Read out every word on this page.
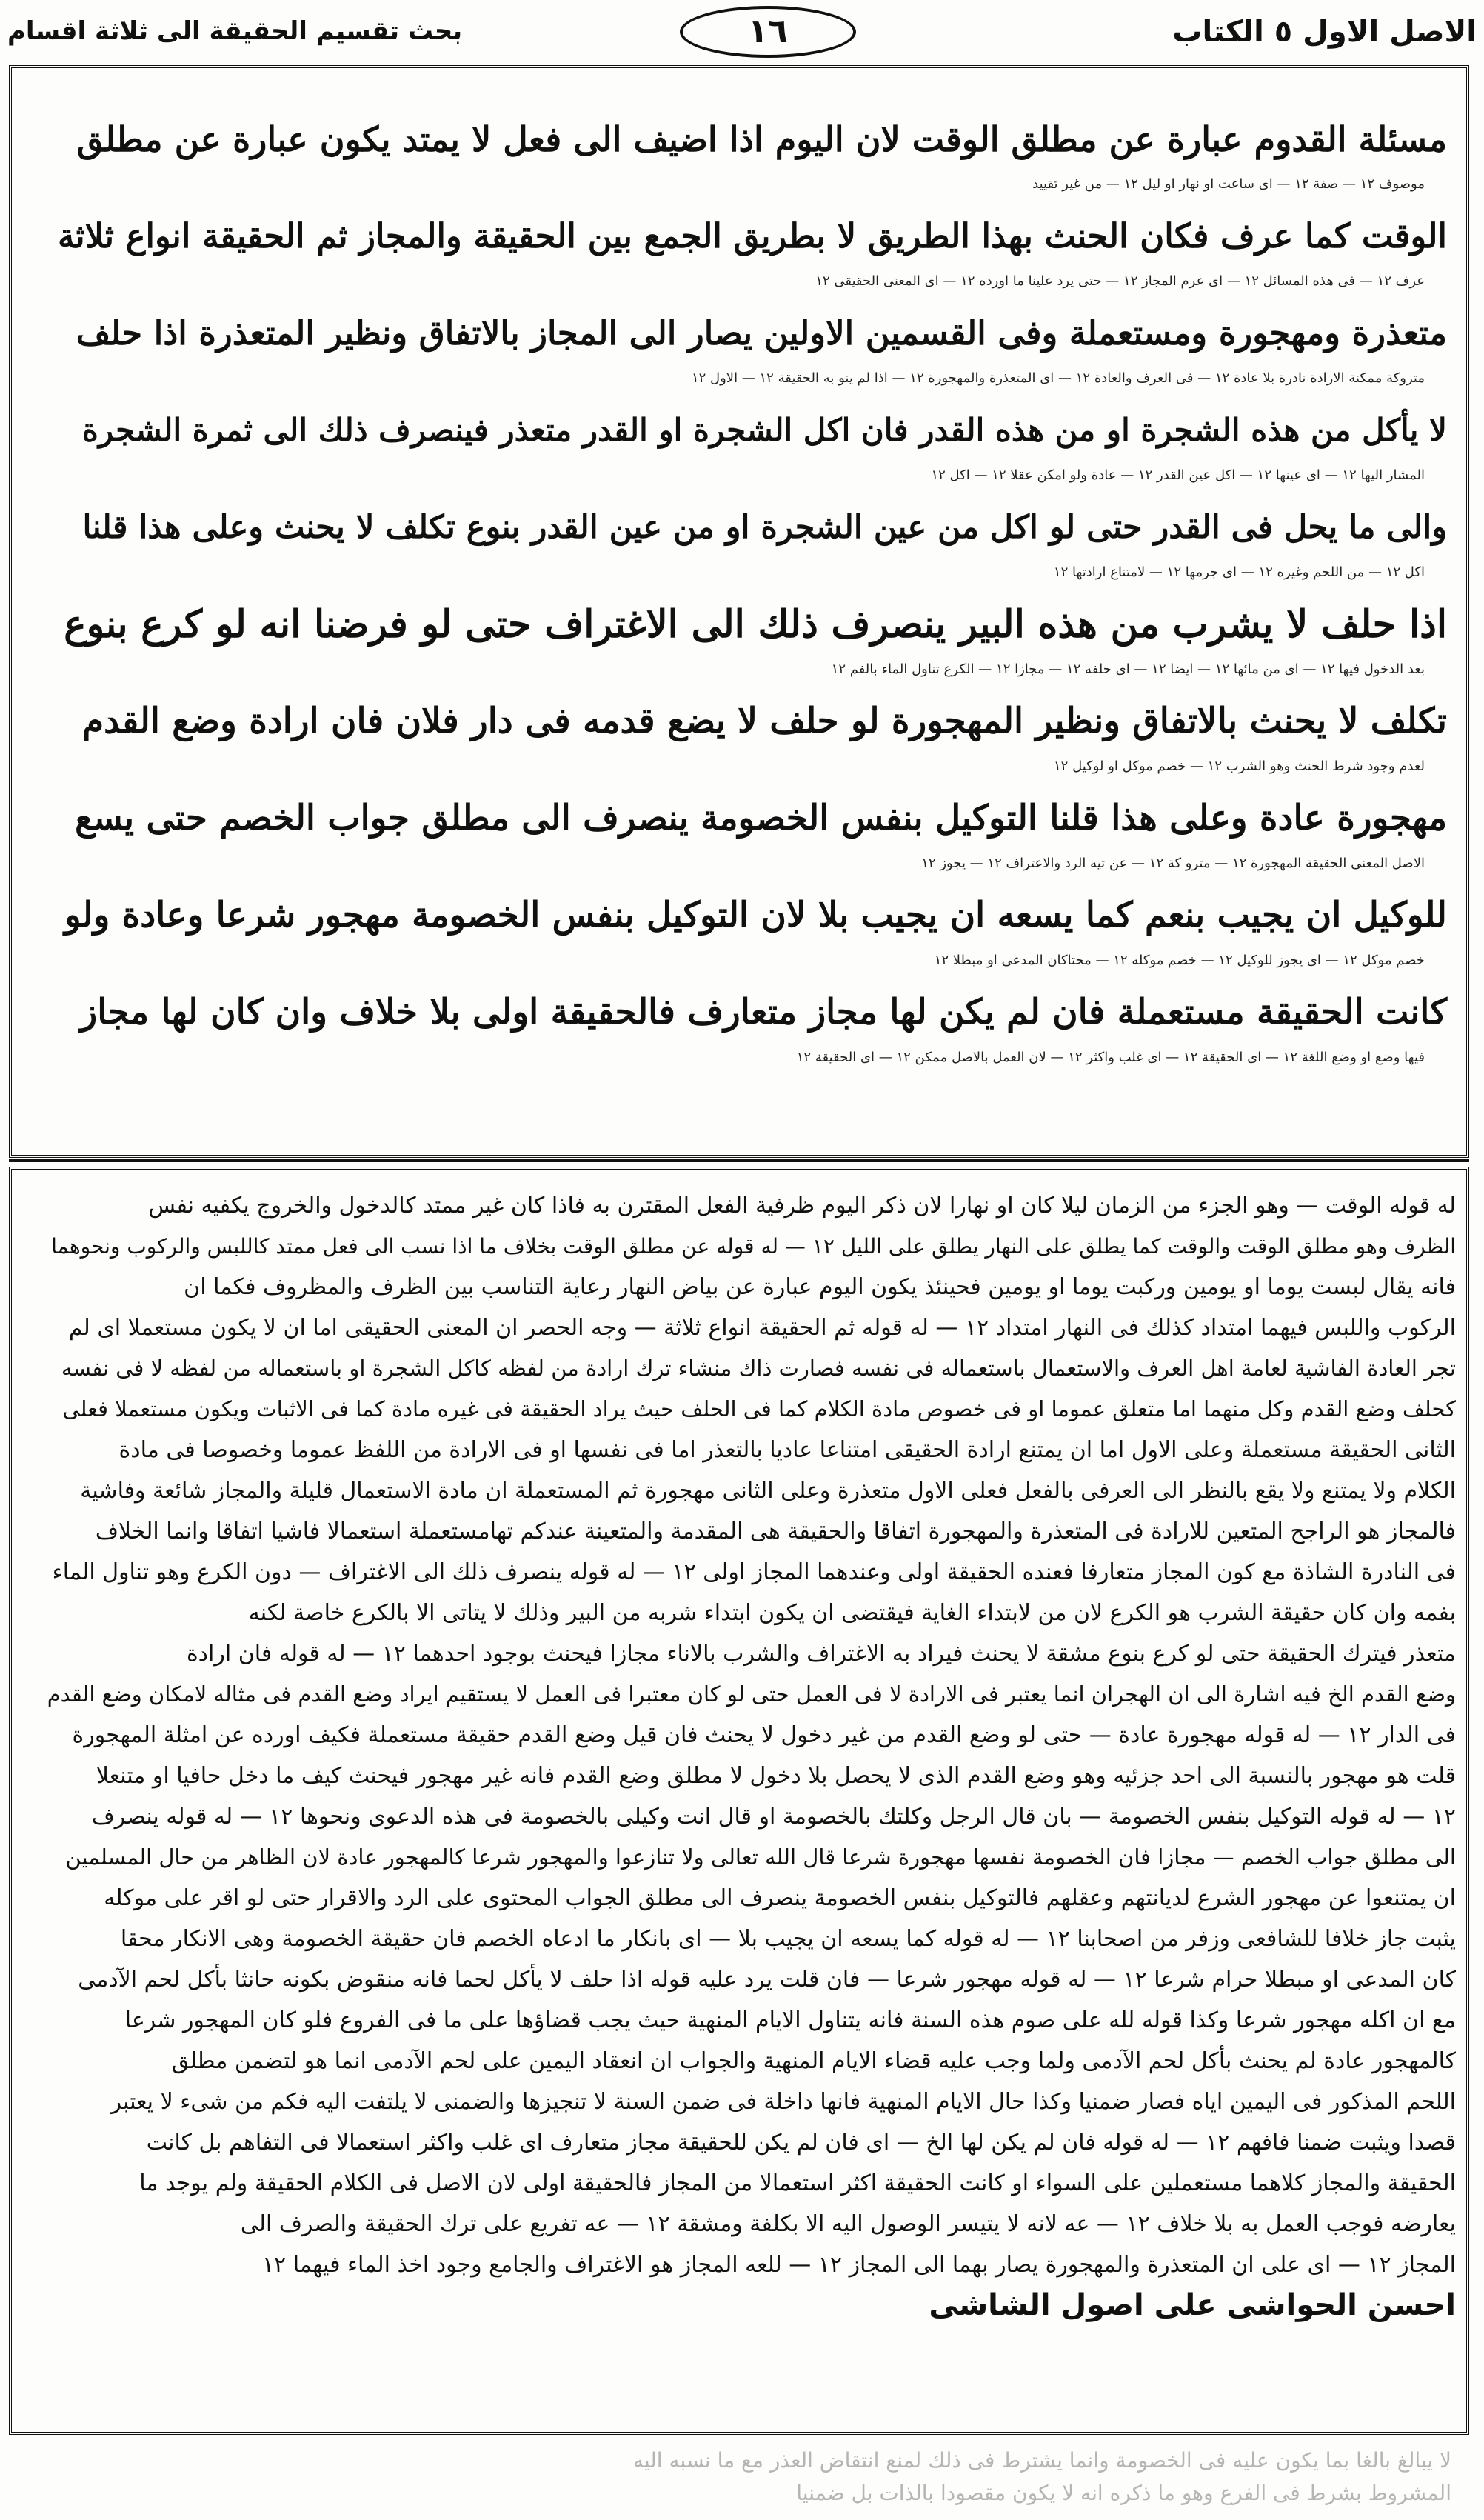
الاصل الاول ٥ الكتاب
١٦
بحث تقسيم الحقيقة الى ثلاثة اقسام
مسئلة القدوم عبارة عن مطلق الوقت لان اليوم اذا اضيف الى فعل لا يمتد يكون عبارة عن مطلق
موصوف ١٢ — صفة ١٢ — اى ساعت او نهار او ليل ١٢ — من غير تقييد
الوقت كما عرف فكان الحنث بهذا الطريق لا بطريق الجمع بين الحقيقة والمجاز ثم الحقيقة انواع ثلاثة
عرف ١٢ — فى هذه المسائل ١٢ — اى عرم المجاز ١٢ — حتى يرد علينا ما اورده ١٢ — اى المعنى الحقيقى ١٢
متعذرة ومهجورة ومستعملة وفى القسمين الاولين يصار الى المجاز بالاتفاق ونظير المتعذرة اذا حلف
متروكة ممكنة الارادة نادرة بلا عادة ١٢ — فى العرف والعادة ١٢ — اى المتعذرة والمهجورة ١٢ — اذا لم ينو به الحقيقة ١٢ — الاول ١٢
لا يأكل من هذه الشجرة او من هذه القدر فان اكل الشجرة او القدر متعذر فينصرف ذلك الى ثمرة الشجرة
المشار اليها ١٢ — اى عينها ١٢ — اكل عين القدر ١٢ — عادة ولو امكن عقلا ١٢ — اكل ١٢
والى ما يحل فى القدر حتى لو اكل من عين الشجرة او من عين القدر بنوع تكلف لا يحنث وعلى هذا قلنا
اكل ١٢ — من اللحم وغيره ١٢ — اى جرمها ١٢ — لامتناع ارادتها ١٢
اذا حلف لا يشرب من هذه البير ينصرف ذلك الى الاغتراف حتى لو فرضنا انه لو كرع بنوع
بعد الدخول فيها ١٢ — اى من مائها ١٢ — ايضا ١٢ — اى حلفه ١٢ — مجازا ١٢ — الكرع تناول الماء بالفم ١٢
تكلف لا يحنث بالاتفاق ونظير المهجورة لو حلف لا يضع قدمه فى دار فلان فان ارادة وضع القدم
لعدم وجود شرط الحنث وهو الشرب ١٢ — خصم موكل او لوكيل ١٢
مهجورة عادة وعلى هذا قلنا التوكيل بنفس الخصومة ينصرف الى مطلق جواب الخصم حتى يسع
الاصل المعنى الحقيقة المهجورة ١٢ — مترو كة ١٢ — عن تيه الرد والاعتراف ١٢ — يجوز ١٢
للوكيل ان يجيب بنعم كما يسعه ان يجيب بلا لان التوكيل بنفس الخصومة مهجور شرعا وعادة ولو
خصم موكل ١٢ — اى يجوز للوكيل ١٢ — خصم موكله ١٢ — محتاكان المدعى او مبطلا ١٢
كانت الحقيقة مستعملة فان لم يكن لها مجاز متعارف فالحقيقة اولى بلا خلاف وان كان لها مجاز
فيها وضع او وضع اللغة ١٢ — اى الحقيقة ١٢ — اى غلب واكثر ١٢ — لان العمل بالاصل ممكن ١٢ — اى الحقيقة ١٢
له قوله الوقت — وهو الجزء من الزمان ليلا كان او نهارا لان ذكر اليوم ظرفية الفعل المقترن به فاذا كان غير ممتد كالدخول والخروج يكفيه نفس
الظرف وهو مطلق الوقت والوقت كما يطلق على النهار يطلق على الليل ١٢ — له قوله عن مطلق الوقت بخلاف ما اذا نسب الى فعل ممتد كاللبس والركوب ونحوهما
فانه يقال لبست يوما او يومين وركبت يوما او يومين فحينئذ يكون اليوم عبارة عن بياض النهار رعاية التناسب بين الظرف والمظروف فكما ان
الركوب واللبس فيهما امتداد كذلك فى النهار امتداد ١٢ — له قوله ثم الحقيقة انواع ثلاثة — وجه الحصر ان المعنى الحقيقى اما ان لا يكون مستعملا اى لم
تجر العادة الفاشية لعامة اهل العرف والاستعمال باستعماله فى نفسه فصارت ذاك منشاء ترك ارادة من لفظه كاكل الشجرة او باستعماله من لفظه لا فى نفسه
كحلف وضع القدم وكل منهما اما متعلق عموما او فى خصوص مادة الكلام كما فى الحلف حيث يراد الحقيقة فى غيره مادة كما فى الاثبات ويكون مستعملا فعلى
الثانى الحقيقة مستعملة وعلى الاول اما ان يمتنع ارادة الحقيقى امتناعا عاديا بالتعذر اما فى نفسها او فى الارادة من اللفظ عموما وخصوصا فى مادة
الكلام ولا يمتنع ولا يقع بالنظر الى العرفى بالفعل فعلى الاول متعذرة وعلى الثانى مهجورة ثم المستعملة ان مادة الاستعمال قليلة والمجاز شائعة وفاشية
فالمجاز هو الراجح المتعين للارادة فى المتعذرة والمهجورة اتفاقا والحقيقة هى المقدمة والمتعينة عندكم تهامستعملة استعمالا فاشيا اتفاقا وانما الخلاف
فى النادرة الشاذة مع كون المجاز متعارفا فعنده الحقيقة اولى وعندهما المجاز اولى ١٢ — له قوله ينصرف ذلك الى الاغتراف — دون الكرع وهو تناول الماء
بفمه وان كان حقيقة الشرب هو الكرع لان من لابتداء الغاية فيقتضى ان يكون ابتداء شربه من البير وذلك لا يتاتى الا بالكرع خاصة لكنه
متعذر فيترك الحقيقة حتى لو كرع بنوع مشقة لا يحنث فيراد به الاغتراف والشرب بالاناء مجازا فيحنث بوجود احدهما ١٢ — له قوله فان ارادة
وضع القدم الخ فيه اشارة الى ان الهجران انما يعتبر فى الارادة لا فى العمل حتى لو كان معتبرا فى العمل لا يستقيم ايراد وضع القدم فى مثاله لامكان وضع القدم
فى الدار ١٢ — له قوله مهجورة عادة — حتى لو وضع القدم من غير دخول لا يحنث فان قيل وضع القدم حقيقة مستعملة فكيف اورده عن امثلة المهجورة
قلت هو مهجور بالنسبة الى احد جزئيه وهو وضع القدم الذى لا يحصل بلا دخول لا مطلق وضع القدم فانه غير مهجور فيحنث كيف ما دخل حافيا او متنعلا
١٢ — له قوله التوكيل بنفس الخصومة — بان قال الرجل وكلتك بالخصومة او قال انت وكيلى بالخصومة فى هذه الدعوى ونحوها ١٢ — له قوله ينصرف
الى مطلق جواب الخصم — مجازا فان الخصومة نفسها مهجورة شرعا قال الله تعالى ولا تنازعوا والمهجور شرعا كالمهجور عادة لان الظاهر من حال المسلمين
ان يمتنعوا عن مهجور الشرع لديانتهم وعقلهم فالتوكيل بنفس الخصومة ينصرف الى مطلق الجواب المحتوى على الرد والاقرار حتى لو اقر على موكله
يثبت جاز خلافا للشافعى وزفر من اصحابنا ١٢ — له قوله كما يسعه ان يجيب بلا — اى بانكار ما ادعاه الخصم فان حقيقة الخصومة وهى الانكار محقا
كان المدعى او مبطلا حرام شرعا ١٢ — له قوله مهجور شرعا — فان قلت يرد عليه قوله اذا حلف لا يأكل لحما فانه منقوض بكونه حانثا بأكل لحم الآدمى
مع ان اكله مهجور شرعا وكذا قوله لله على صوم هذه السنة فانه يتناول الايام المنهية حيث يجب قضاؤها على ما فى الفروع فلو كان المهجور شرعا
كالمهجور عادة لم يحنث بأكل لحم الآدمى ولما وجب عليه قضاء الايام المنهية والجواب ان انعقاد اليمين على لحم الآدمى انما هو لتضمن مطلق
اللحم المذكور فى اليمين اياه فصار ضمنيا وكذا حال الايام المنهية فانها داخلة فى ضمن السنة لا تنجيزها والضمنى لا يلتفت اليه فكم من شىء لا يعتبر
قصدا ويثبت ضمنا فافهم ١٢ — له قوله فان لم يكن لها الخ — اى فان لم يكن للحقيقة مجاز متعارف اى غلب واكثر استعمالا فى التفاهم بل كانت
الحقيقة والمجاز كلاهما مستعملين على السواء او كانت الحقيقة اكثر استعمالا من المجاز فالحقيقة اولى لان الاصل فى الكلام الحقيقة ولم يوجد ما
يعارضه فوجب العمل به بلا خلاف ١٢ — عه لانه لا يتيسر الوصول اليه الا بكلفة ومشقة ١٢ — عه تفريع على ترك الحقيقة والصرف الى
المجاز ١٢ — اى على ان المتعذرة والمهجورة يصار بهما الى المجاز ١٢ — للعه المجاز هو الاغتراف والجامع وجود اخذ الماء فيهما ١٢
احسن الحواشى على اصول الشاشى
لا يبالغ بالغا بما يكون عليه فى الخصومة وانما يشترط فى ذلك لمنع انتقاض العذر مع ما نسبه اليه
المشروط بشرط فى الفرع وهو ما ذكره انه لا يكون مقصودا بالذات بل ضمنيا
